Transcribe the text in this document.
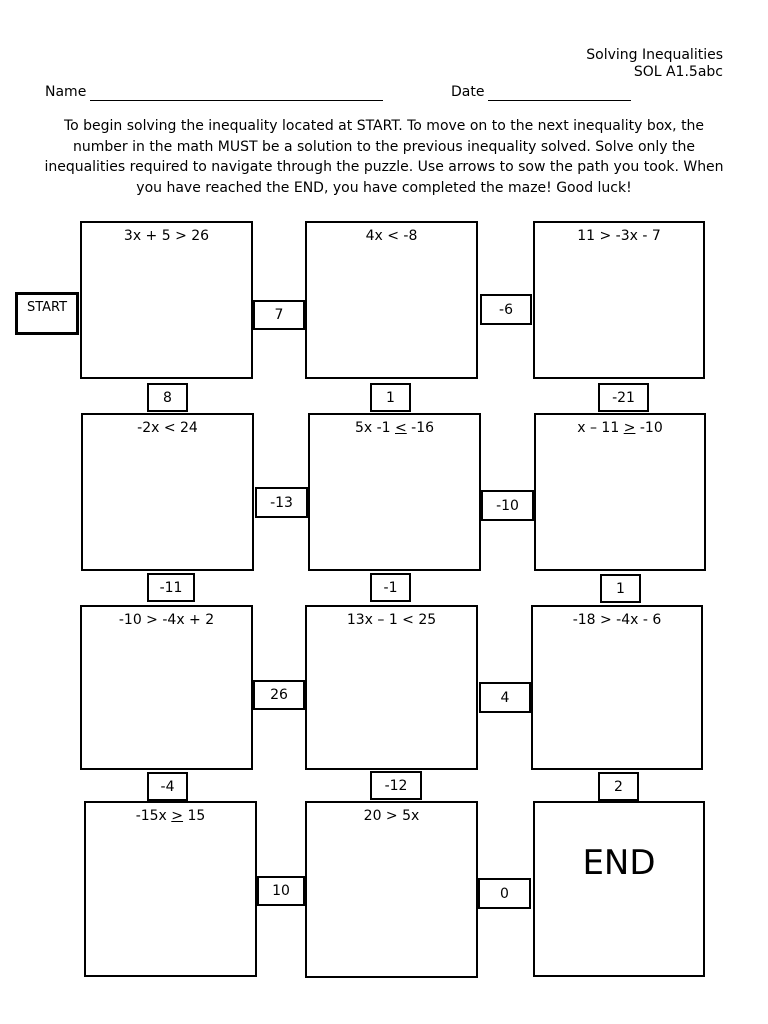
Solving Inequalities
SOL A1.5abc
Name	Date
To begin solving the inequality located at START. To move on to the next inequality box, the number in the math MUST be a solution to the previous inequality solved. Solve only the inequalities required to navigate through the puzzle. Use arrows to sow the path you took. When you have reached the END, you have completed the maze! Good luck!
START
3x + 5 > 26	4x < -8	11 > -3x - 7
-2x < 24	5x -1 < -16	x – 11 > -10
-10 > -4x + 2	13x – 1 < 25	-18 > -4x - 6
-15x > 15	20 > 5x
END
7	-6
-13	-10
26	4
10	0
8	1	-21
-11	-1	1
-4	-12	2
